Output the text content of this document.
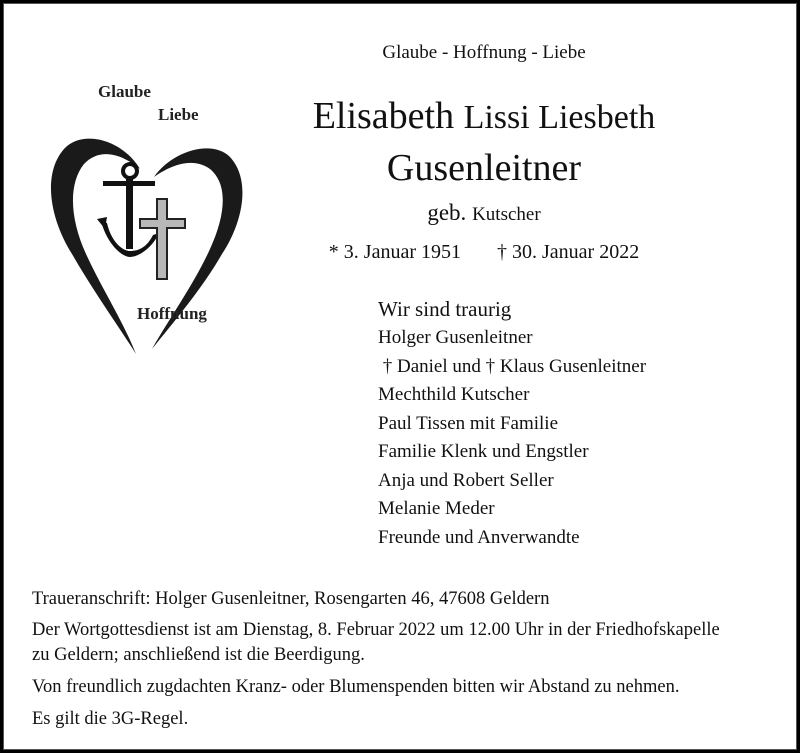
Glaube
Liebe
Hoffnung
Glaube - Hoffnung - Liebe
Elisabeth Lissi Liesbeth
Gusenleitner
geb. Kutscher
* 3. Januar 1951 † 30. Januar 2022
Wir sind traurig
Holger Gusenleitner
† Daniel und † Klaus Gusenleitner
Mechthild Kutscher
Paul Tissen mit Familie
Familie Klenk und Engstler
Anja und Robert Seller
Melanie Meder
Freunde und Anverwandte

Traueranschrift: Holger Gusenleitner, Rosengarten 46, 47608 Geldern

Der Wortgottesdienst ist am Dienstag, 8. Februar 2022 um 12.00 Uhr in der Friedhofskapelle zu Geldern; anschließend ist die Beerdigung.

Von freundlich zugdachten Kranz- oder Blumenspenden bitten wir Abstand zu nehmen.

Es gilt die 3G-Regel.
